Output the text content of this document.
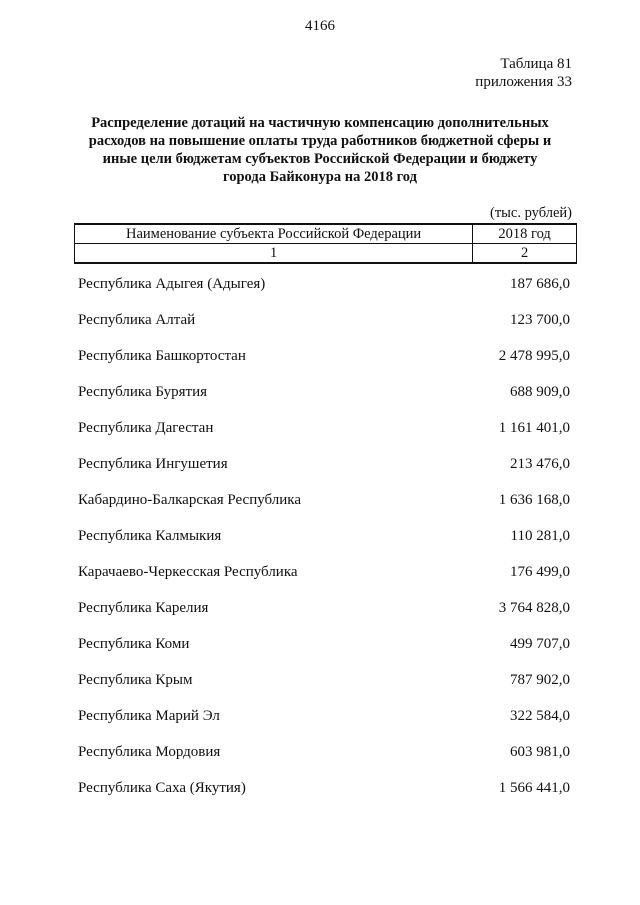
4166
Таблица 81
приложения 33
Распределение дотаций на частичную компенсацию дополнительных
расходов на повышение оплаты труда работников бюджетной сферы и
иные цели бюджетам субъектов Российской Федерации и бюджету
города Байконура на 2018 год
(тыс. рублей)
Наименование субъекта Российской Федерации	2018 год
1	2
Республика Адыгея (Адыгея)	187 686,0
Республика Алтай	123 700,0
Республика Башкортостан	2 478 995,0
Республика Бурятия	688 909,0
Республика Дагестан	1 161 401,0
Республика Ингушетия	213 476,0
Кабардино-Балкарская Республика	1 636 168,0
Республика Калмыкия	110 281,0
Карачаево-Черкесская Республика	176 499,0
Республика Карелия	3 764 828,0
Республика Коми	499 707,0
Республика Крым	787 902,0
Республика Марий Эл	322 584,0
Республика Мордовия	603 981,0
Республика Саха (Якутия)	1 566 441,0
